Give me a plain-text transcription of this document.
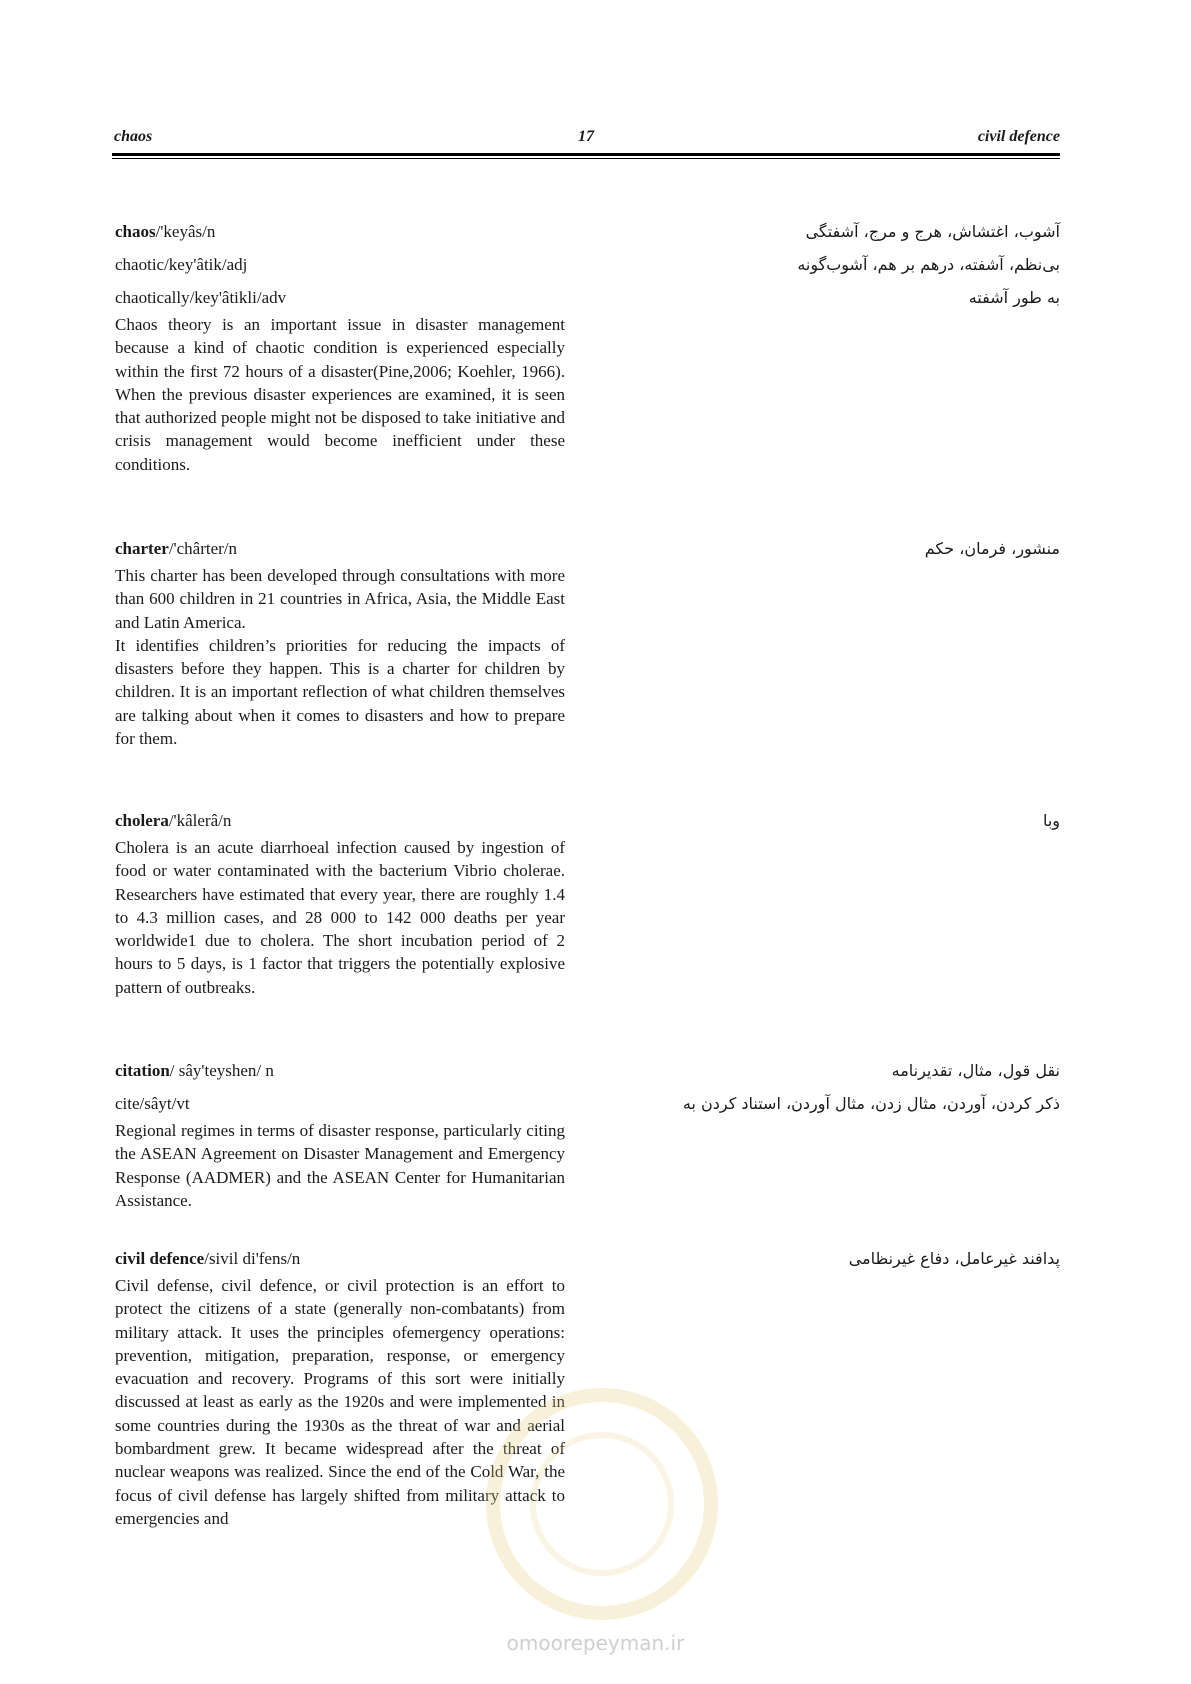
chaos	17	civil defence
chaos/'keyâs/n
chaotic/key'âtik/adj
chaotically/key'âtikli/adv

Chaos theory is an important issue in disaster management because a kind of chaotic condition is experienced especially within the first 72 hours of a disaster(Pine,2006; Koehler, 1966). When the previous disaster experiences are examined, it is seen that authorized people might not be disposed to take initiative and crisis management would become inefficient under these conditions.

آشوب، اغتشاش، هرج و مرج، آشفتگی
بی‌نظم، آشفته، درهم بر هم، آشوب‌گونه
به طور آشفته
charter/'chârter/n

This charter has been developed through consultations with more than 600 children in 21 countries in Africa, Asia, the Middle East and Latin America.

It identifies children’s priorities for reducing the impacts of disasters before they happen. This is a charter for children by children. It is an important reflection of what children themselves are talking about when it comes to disasters and how to prepare for them.

منشور، فرمان، حکم
cholera/'kâlerâ/n

Cholera is an acute diarrhoeal infection caused by ingestion of food or water contaminated with the bacterium Vibrio cholerae. Researchers have estimated that every year, there are roughly 1.4 to 4.3 million cases, and 28 000 to 142 000 deaths per year worldwide1 due to cholera. The short incubation period of 2 hours to 5 days, is 1 factor that triggers the potentially explosive pattern of outbreaks.

وبا
citation/ sây'teyshen/ n
cite/sâyt/vt

Regional regimes in terms of disaster response, particularly citing the ASEAN Agreement on Disaster Management and Emergency Response (AADMER) and the ASEAN Center for Humanitarian Assistance.

نقل قول، مثال، تقدیرنامه
ذکر کردن، آوردن، مثال زدن، مثال آوردن، استناد کردن به
civil defence/sivil di'fens/n

Civil defense, civil defence, or civil protection is an effort to protect the citizens of a state (generally non-combatants) from military attack. It uses the principles ofemergency operations: prevention, mitigation, preparation, response, or emergency evacuation and recovery. Programs of this sort were initially discussed at least as early as the 1920s and were implemented in some countries during the 1930s as the threat of war and aerial bombardment grew. It became widespread after the threat of nuclear weapons was realized. Since the end of the Cold War, the focus of civil defense has largely shifted from military attack to emergencies and

پدافند غیرعامل، دفاع غیرنظامی
omoorepeyman.ir
